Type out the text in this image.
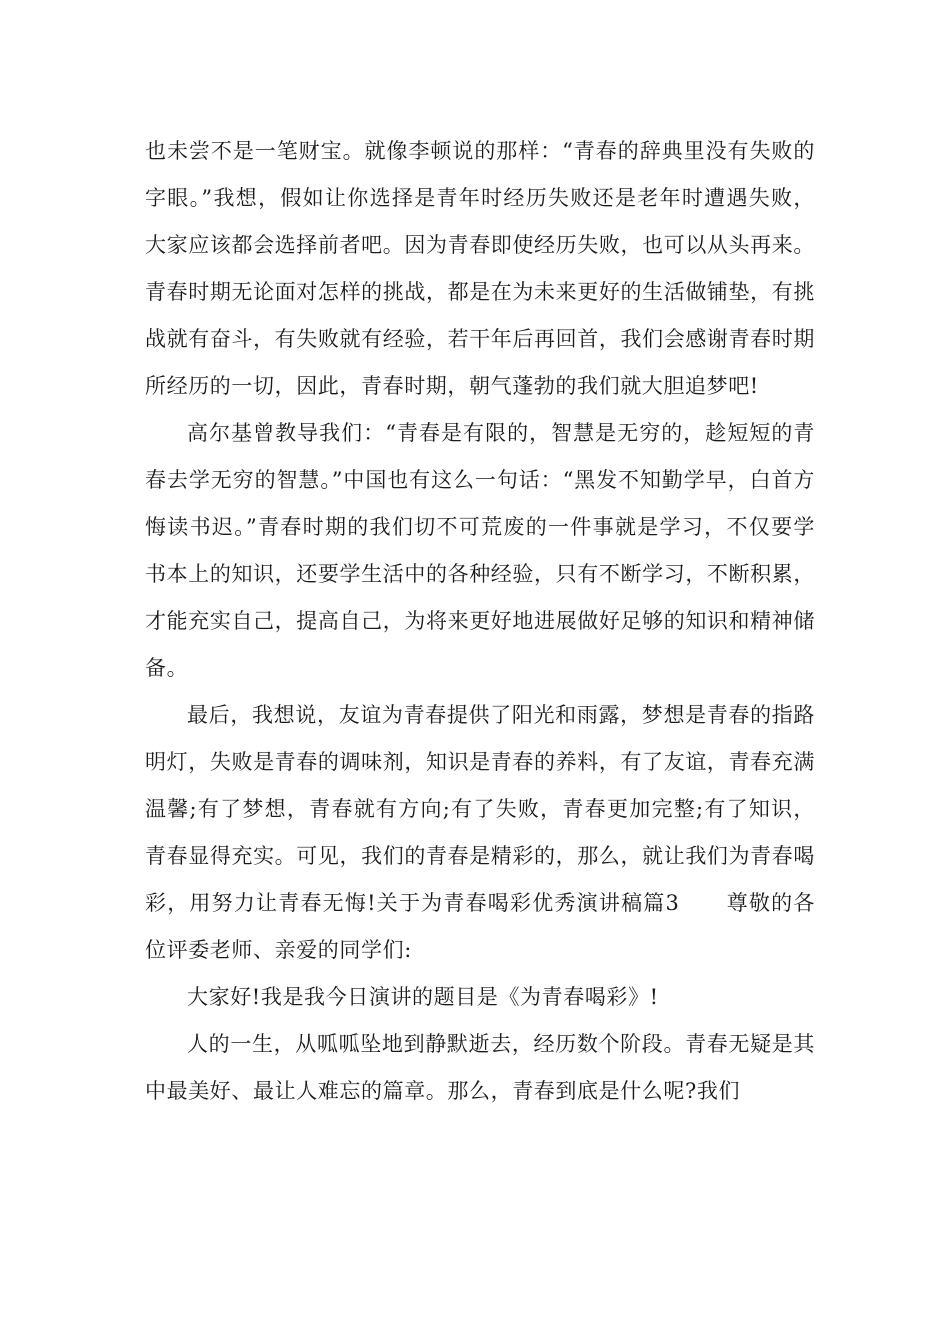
也未尝不是一笔财宝。就像李顿说的那样：“青春的辞典里没有失败的字眼。”我想，假如让你选择是青年时经历失败还是老年时遭遇失败，大家应该都会选择前者吧。因为青春即使经历失败，也可以从头再来。青春时期无论面对怎样的挑战，都是在为未来更好的生活做铺垫，有挑战就有奋斗，有失败就有经验，若干年后再回首，我们会感谢青春时期所经历的一切，因此，青春时期，朝气蓬勃的我们就大胆追梦吧!

高尔基曾教导我们：“青春是有限的，智慧是无穷的，趁短短的青春去学无穷的智慧。”中国也有这么一句话：“黑发不知勤学早，白首方悔读书迟。”青春时期的我们切不可荒废的一件事就是学习，不仅要学书本上的知识，还要学生活中的各种经验，只有不断学习，不断积累，才能充实自己，提高自己，为将来更好地进展做好足够的知识和精神储备。

最后，我想说，友谊为青春提供了阳光和雨露，梦想是青春的指路明灯，失败是青春的调味剂，知识是青春的养料，有了友谊，青春充满温馨;有了梦想，青春就有方向;有了失败，青春更加完整;有了知识，青春显得充实。可见，我们的青春是精彩的，那么，就让我们为青春喝彩，用努力让青春无悔!关于为青春喝彩优秀演讲稿篇3      尊敬的各位评委老师、亲爱的同学们:

大家好!我是我今日演讲的题目是《为青春喝彩》!

人的一生，从呱呱坠地到静默逝去，经历数个阶段。青春无疑是其中最美好、最让人难忘的篇章。那么，青春到底是什么呢?我们
